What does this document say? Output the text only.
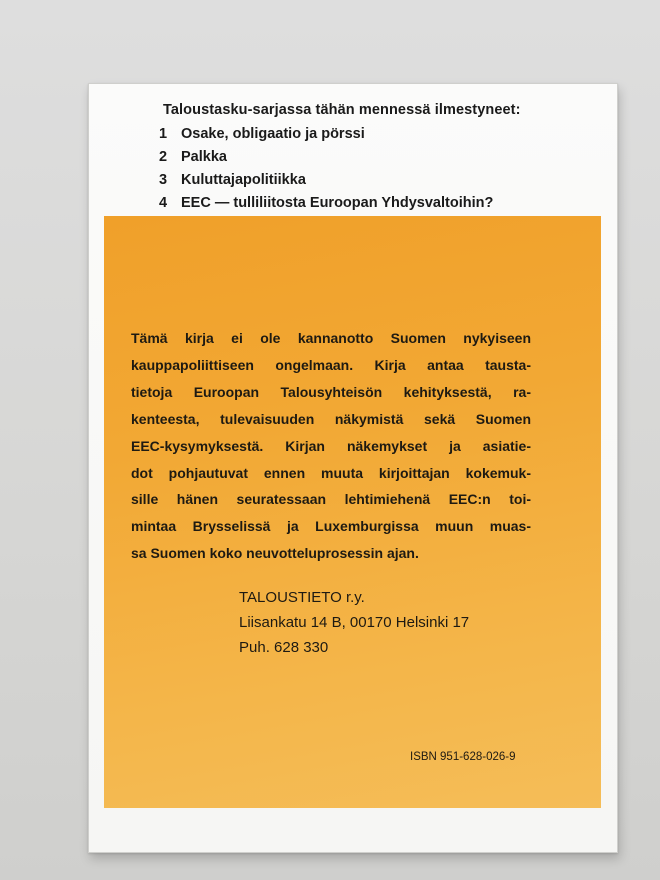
Taloustasku-sarjassa tähän mennessä ilmestyneet:
1 Osake, obligaatio ja pörssi
2 Palkka
3 Kuluttajapolitiikka
4 EEC — tulliliitosta Euroopan Yhdysvaltoihin?

Tämä kirja ei ole kannanotto Suomen nykyiseen
kauppapoliittiseen ongelmaan. Kirja antaa tausta-
tietoja Euroopan Talousyhteisön kehityksestä, ra-
kenteesta, tulevaisuuden näkymistä sekä Suomen
EEC-kysymyksestä. Kirjan näkemykset ja asiatie-
dot pohjautuvat ennen muuta kirjoittajan kokemuk-
sille hänen seuratessaan lehtimiehenä EEC:n toi-
mintaa Brysselissä ja Luxemburgissa muun muas-
sa Suomen koko neuvotteluprosessin ajan.

TALOUSTIETO r.y.
Liisankatu 14 B, 00170 Helsinki 17
Puh. 628 330
ISBN 951-628-026-9
